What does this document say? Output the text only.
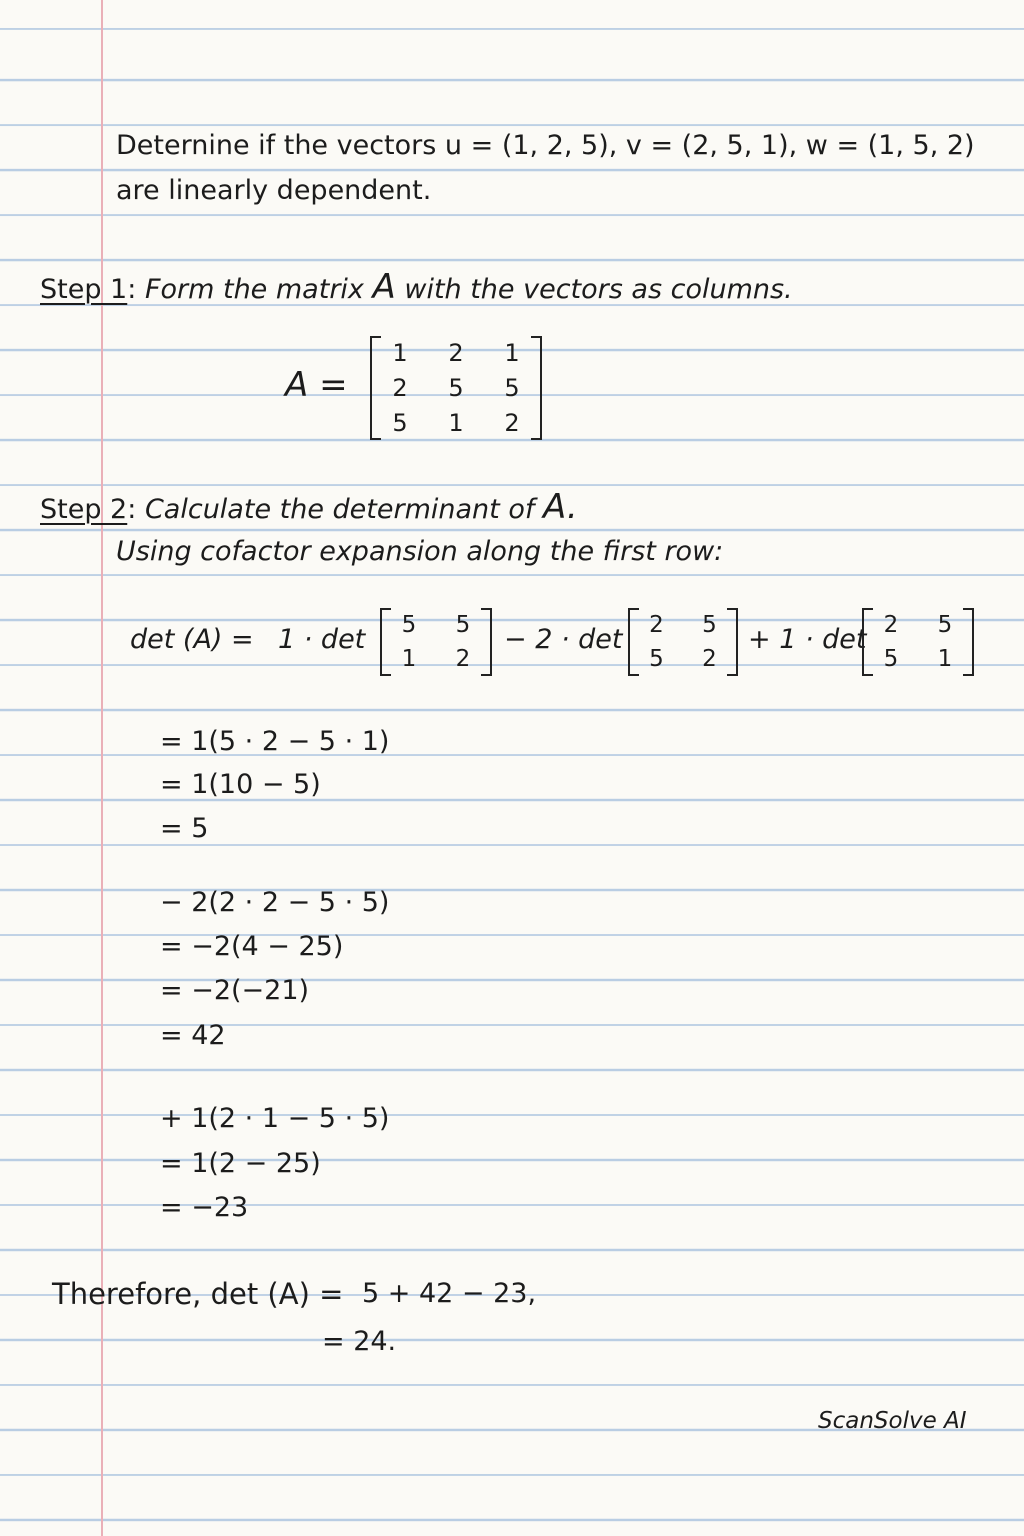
Deternine if the vectors u = (1, 2, 5), v = (2, 5, 1), w = (1, 5, 2)
are linearly dependent.
Step 1: Form the matrix A with the vectors as columns.
A =
1 2 1
2 5 5
5 1 2
Step 2: Calculate the determinant of A.
Using cofactor expansion along the first row:
det (A) = 1 · det 5 5
1 2
− 2 · det 2 5
5 2
+ 1 · det 2 5
5 1
= 1(5 · 2 − 5 · 1)
= 1(10 − 5)
= 5
− 2(2 · 2 − 5 · 5)
= −2(4 − 25)
= −2(−21)
= 42
+ 1(2 · 1 − 5 · 5)
= 1(2 − 25)
= −23
Therefore, det (A) = 5 + 42 − 23,
= 24.
ScanSolve AI
